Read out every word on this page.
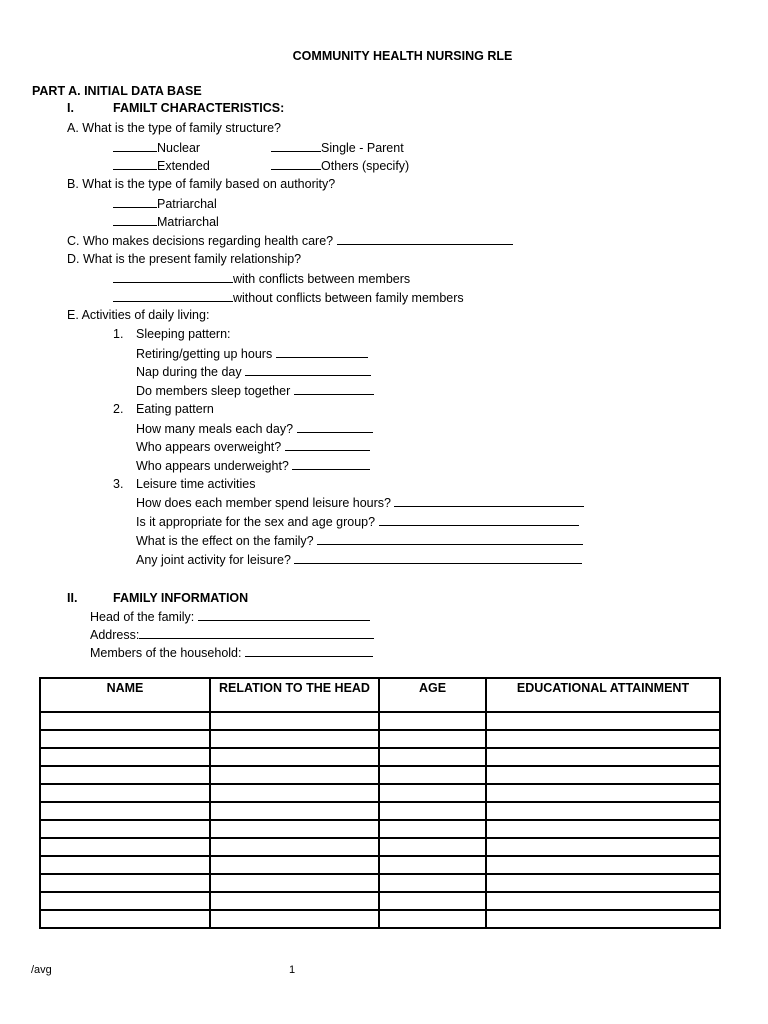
COMMUNITY HEALTH NURSING RLE
PART A. INITIAL DATA BASE
I.	FAMILT CHARACTERISTICS:
A. What is the type of family structure?
Nuclear	Single - Parent
Extended	Others (specify)
B. What is the type of family based on authority?
Patriarchal
Matriarchal
C. Who makes decisions regarding health care?
D. What is the present family relationship?
with conflicts between members
without conflicts between family members
E. Activities of daily living:
1. Sleeping pattern:
Retiring/getting up hours
Nap during the day
Do members sleep together
2. Eating pattern
How many meals each day?
Who appears overweight?
Who appears underweight?
3. Leisure time activities
How does each member spend leisure hours?
Is it appropriate for the sex and age group?
What is the effect on the family?
Any joint activity for leisure?
II.	FAMILY INFORMATION
Head of the family:
Address:
Members of the household:
NAME	RELATION TO THE HEAD	AGE	EDUCATIONAL ATTAINMENT

/avg	1
